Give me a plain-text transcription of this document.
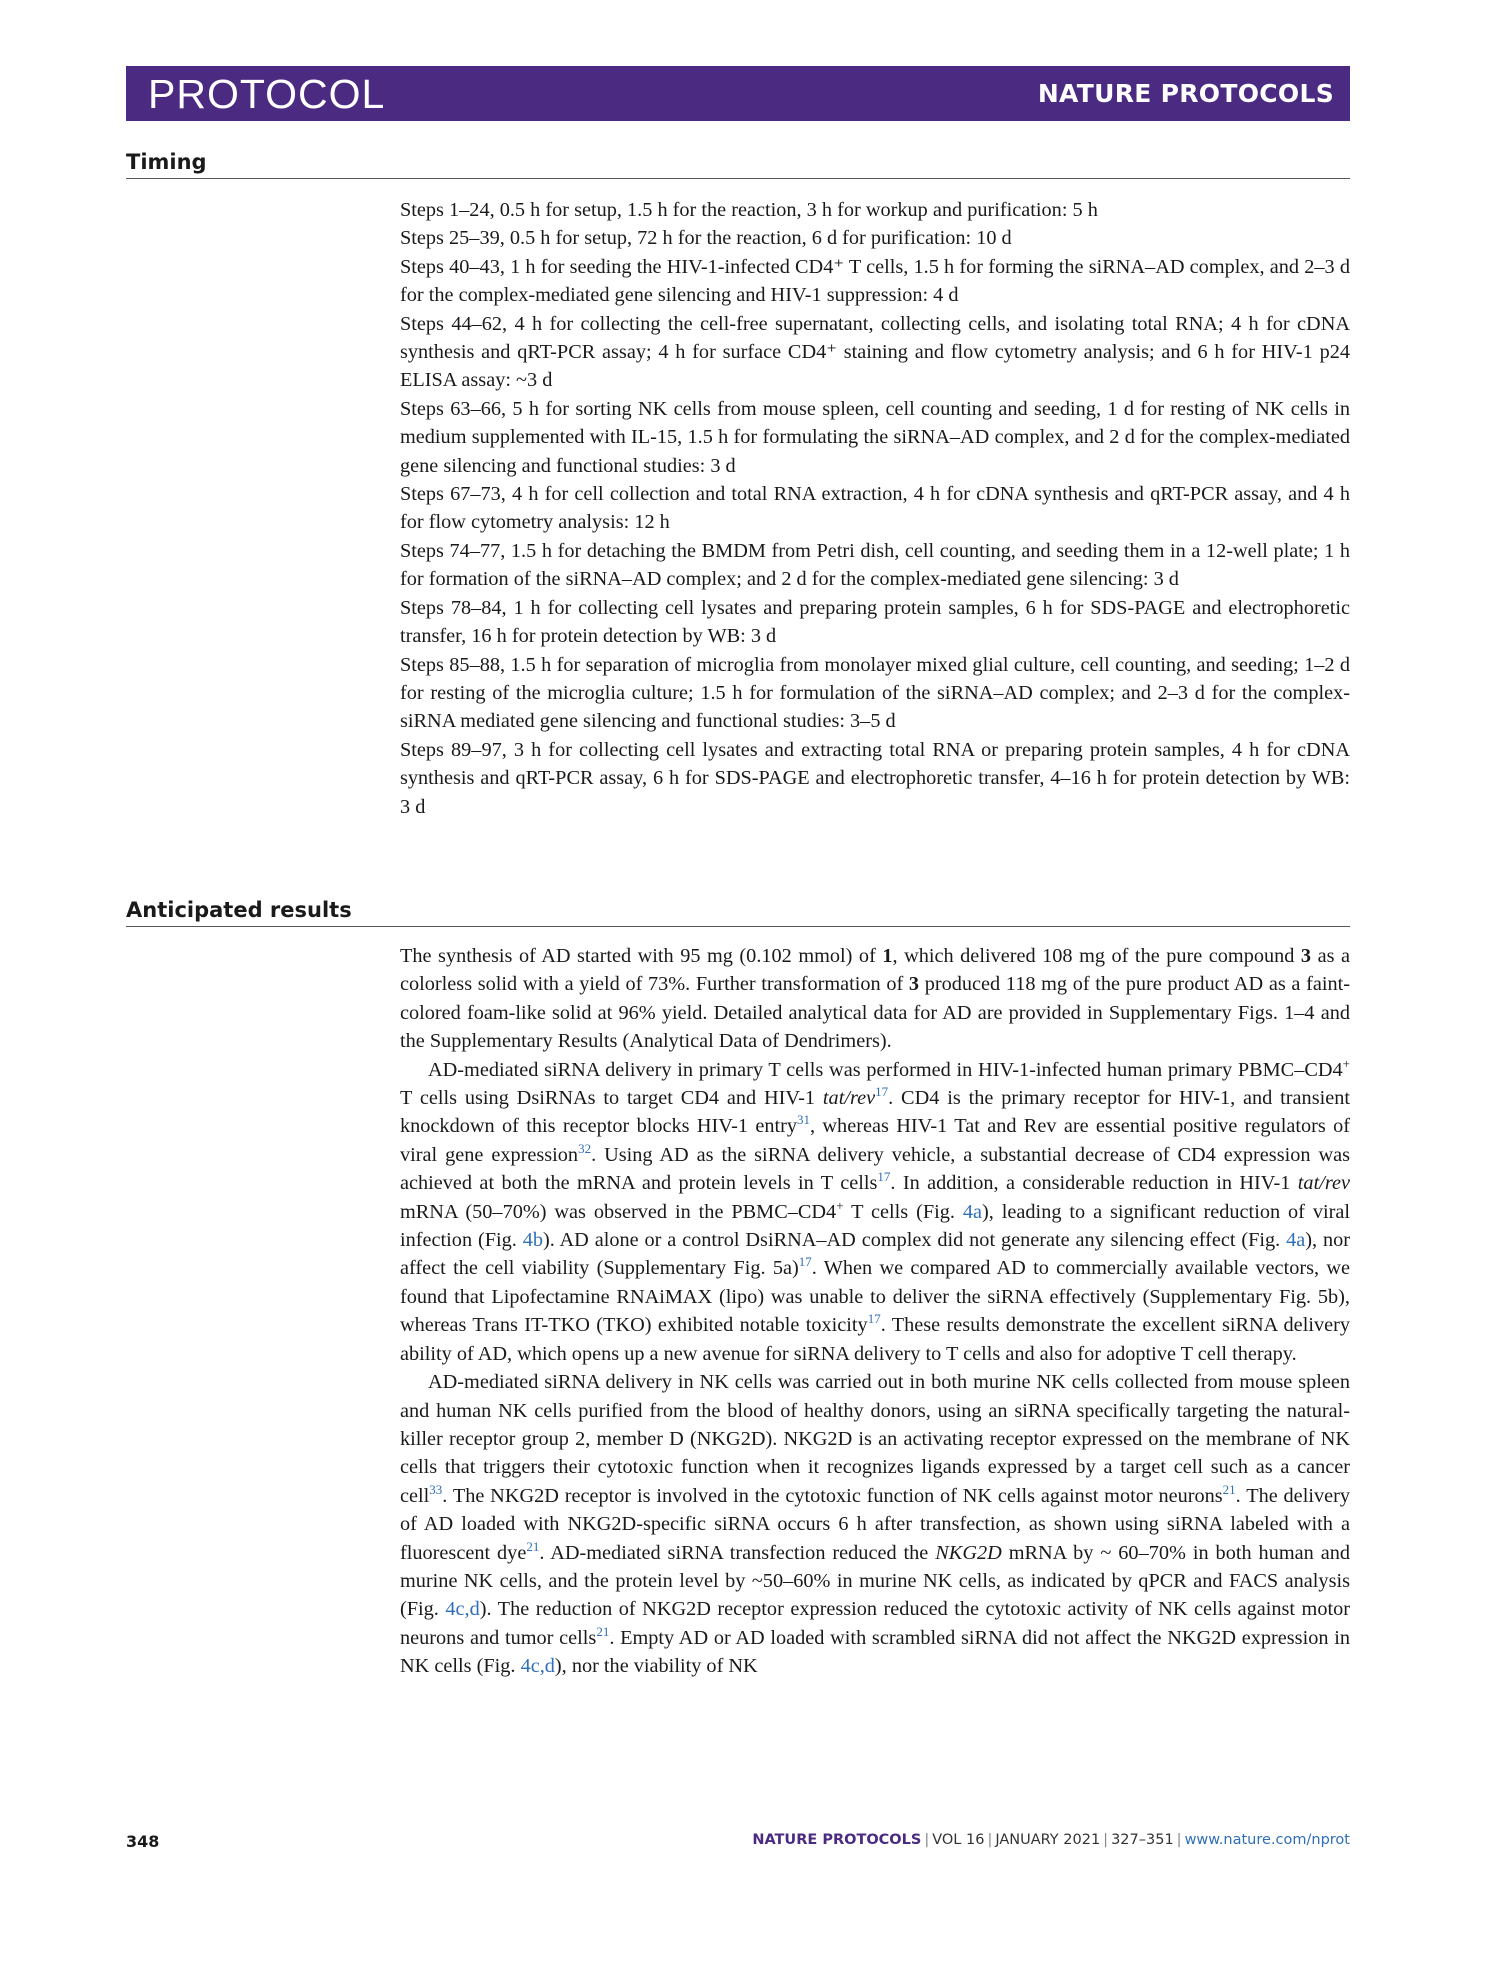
PROTOCOL	NATURE PROTOCOLS
Timing
Steps 1–24, 0.5 h for setup, 1.5 h for the reaction, 3 h for workup and purification: 5 h
Steps 25–39, 0.5 h for setup, 72 h for the reaction, 6 d for purification: 10 d
Steps 40–43, 1 h for seeding the HIV-1-infected CD4⁺ T cells, 1.5 h for forming the siRNA–AD complex, and 2–3 d for the complex-mediated gene silencing and HIV-1 suppression: 4 d
Steps 44–62, 4 h for collecting the cell-free supernatant, collecting cells, and isolating total RNA; 4 h for cDNA synthesis and qRT-PCR assay; 4 h for surface CD4⁺ staining and flow cytometry analysis; and 6 h for HIV-1 p24 ELISA assay: ~3 d
Steps 63–66, 5 h for sorting NK cells from mouse spleen, cell counting and seeding, 1 d for resting of NK cells in medium supplemented with IL-15, 1.5 h for formulating the siRNA–AD complex, and 2 d for the complex-mediated gene silencing and functional studies: 3 d
Steps 67–73, 4 h for cell collection and total RNA extraction, 4 h for cDNA synthesis and qRT-PCR assay, and 4 h for flow cytometry analysis: 12 h
Steps 74–77, 1.5 h for detaching the BMDM from Petri dish, cell counting, and seeding them in a 12-well plate; 1 h for formation of the siRNA–AD complex; and 2 d for the complex-mediated gene silencing: 3 d
Steps 78–84, 1 h for collecting cell lysates and preparing protein samples, 6 h for SDS-PAGE and electrophoretic transfer, 16 h for protein detection by WB: 3 d
Steps 85–88, 1.5 h for separation of microglia from monolayer mixed glial culture, cell counting, and seeding; 1–2 d for resting of the microglia culture; 1.5 h for formulation of the siRNA–AD complex; and 2–3 d for the complex-siRNA mediated gene silencing and functional studies: 3–5 d
Steps 89–97, 3 h for collecting cell lysates and extracting total RNA or preparing protein samples, 4 h for cDNA synthesis and qRT-PCR assay, 6 h for SDS-PAGE and electrophoretic transfer, 4–16 h for protein detection by WB: 3 d
Anticipated results

The synthesis of AD started with 95 mg (0.102 mmol) of 1, which delivered 108 mg of the pure compound 3 as a colorless solid with a yield of 73%. Further transformation of 3 produced 118 mg of the pure product AD as a faint-colored foam-like solid at 96% yield. Detailed analytical data for AD are provided in Supplementary Figs. 1–4 and the Supplementary Results (Analytical Data of Dendrimers).

AD-mediated siRNA delivery in primary T cells was performed in HIV-1-infected human primary PBMC–CD4+ T cells using DsiRNAs to target CD4 and HIV-1 tat/rev$^{17}$. CD4 is the primary receptor for HIV-1, and transient knockdown of this receptor blocks HIV-1 entry$^{31}$, whereas HIV-1 Tat and Rev are essential positive regulators of viral gene expression$^{32}$. Using AD as the siRNA delivery vehicle, a substantial decrease of CD4 expression was achieved at both the mRNA and protein levels in T cells$^{17}$. In addition, a considerable reduction in HIV-1 tat/rev mRNA (50–70%) was observed in the PBMC–CD4+ T cells (Fig. 4a), leading to a significant reduction of viral infection (Fig. 4b). AD alone or a control DsiRNA–AD complex did not generate any silencing effect (Fig. 4a), nor affect the cell viability (Supplementary Fig. 5a)$^{17}$. When we compared AD to commercially available vectors, we found that Lipofectamine RNAiMAX (lipo) was unable to deliver the siRNA effectively (Supplementary Fig. 5b), whereas Trans IT-TKO (TKO) exhibited notable toxicity$^{17}$. These results demonstrate the excellent siRNA delivery ability of AD, which opens up a new avenue for siRNA delivery to T cells and also for adoptive T cell therapy.

AD-mediated siRNA delivery in NK cells was carried out in both murine NK cells collected from mouse spleen and human NK cells purified from the blood of healthy donors, using an siRNA specifically targeting the natural-killer receptor group 2, member D (NKG2D). NKG2D is an activating receptor expressed on the membrane of NK cells that triggers their cytotoxic function when it recognizes ligands expressed by a target cell such as a cancer cell$^{33}$. The NKG2D receptor is involved in the cytotoxic function of NK cells against motor neurons$^{21}$. The delivery of AD loaded with NKG2D-specific siRNA occurs 6 h after transfection, as shown using siRNA labeled with a fluorescent dye$^{21}$. AD-mediated siRNA transfection reduced the NKG2D mRNA by ~ 60–70% in both human and murine NK cells, and the protein level by ~50–60% in murine NK cells, as indicated by qPCR and FACS analysis (Fig. 4c,d). The reduction of NKG2D receptor expression reduced the cytotoxic activity of NK cells against motor neurons and tumor cells$^{21}$. Empty AD or AD loaded with scrambled siRNA did not affect the NKG2D expression in NK cells (Fig. 4c,d), nor the viability of NK

348	NATURE PROTOCOLS | VOL 16 | JANUARY 2021 | 327–351 | www.nature.com/nprot
